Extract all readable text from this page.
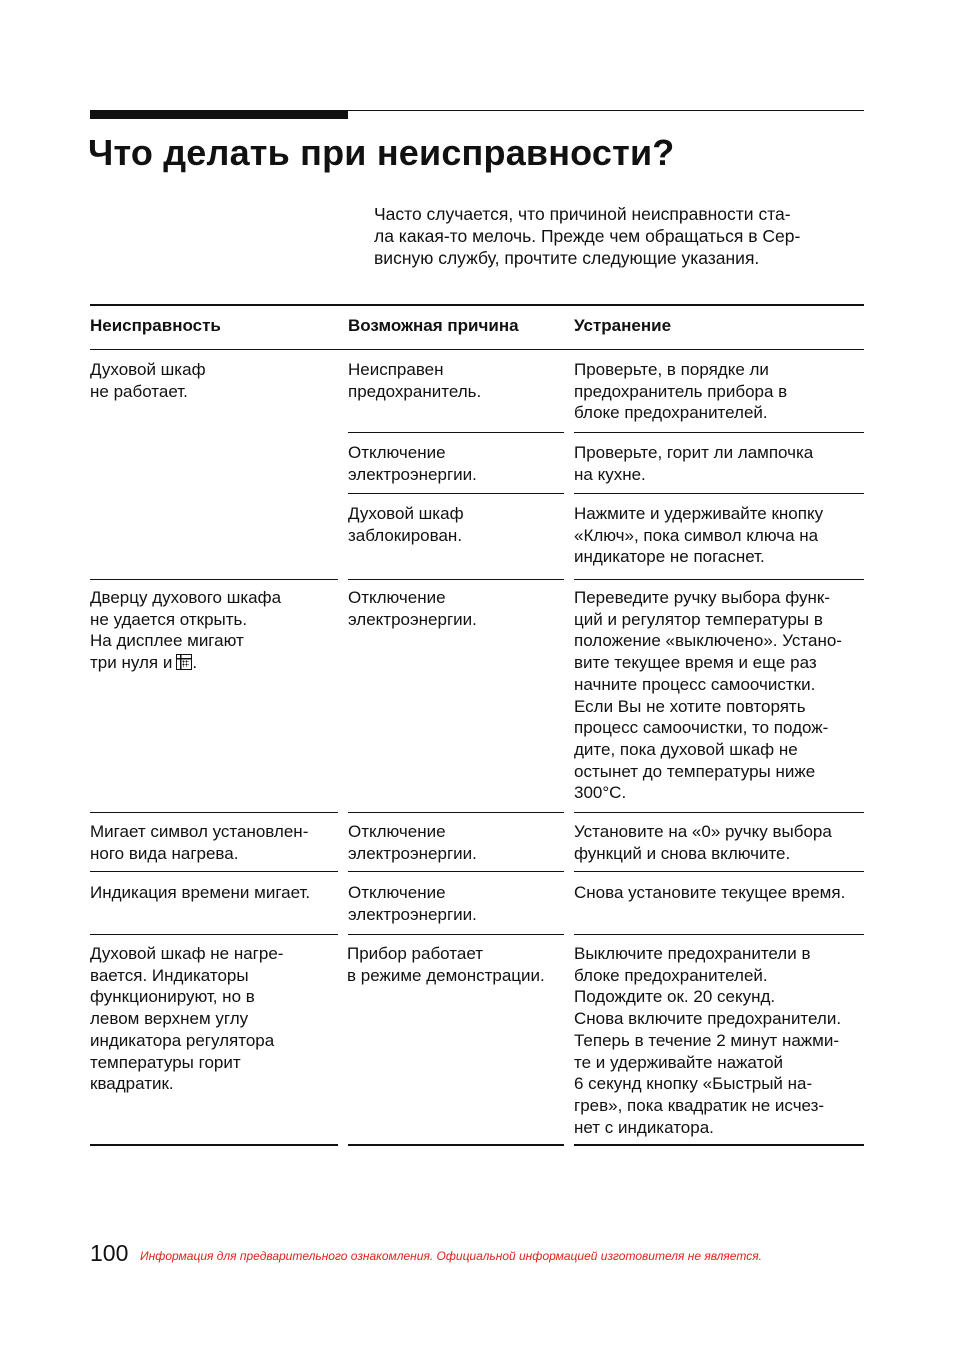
Что делать при неисправности?
Часто случается, что причиной неисправности ста-
ла какая-то мелочь. Прежде чем обращаться в Сер-
висную службу, прочтите следующие указания.
Неисправность	Возможная причина	Устранение
Духовой шкаф
не работает.
Неисправен
предохранитель.
Проверьте, в порядке ли
предохранитель прибора в
блоке предохранителей.
Отключение
электроэнергии.
Проверьте, горит ли лампочка
на кухне.
Духовой шкаф
заблокирован.
Нажмите и удерживайте кнопку
«Ключ», пока символ ключа на
индикаторе не погаснет.
Дверцу духового шкафа
не удается открыть.
На дисплее мигают
три нуля и .
Отключение
электроэнергии.
Переведите ручку выбора функ-
ций и регулятор температуры в
положение «выключено». Устано-
вите текущее время и еще раз
начните процесс самоочистки.
Если Вы не хотите повторять
процесс самоочистки, то подож-
дите, пока духовой шкаф не
остынет до температуры ниже
300°C.
Мигает символ установлен-
ного вида нагрева.
Отключение
электроэнергии.
Установите на «0» ручку выбора
функций и снова включите.
Индикация времени мигает. Отключение
электроэнергии.
Снова установите текущее время.
Духовой шкаф не нагре-
вается. Индикаторы
функционируют, но в
левом верхнем углу
индикатора регулятора
температуры горит
квадратик.
Прибор работает
в режиме демонстрации.
Выключите предохранители в
блоке предохранителей.
Подождите ок. 20 секунд.
Снова включите предохранители.
Теперь в течение 2 минут нажми-
те и удерживайте нажатой
6 секунд кнопку «Быстрый на-
грев», пока квадратик не исчез-
нет с индикатора.
100 Информация для предварительного ознакомления. Официальной информацией изготовителя не является.
